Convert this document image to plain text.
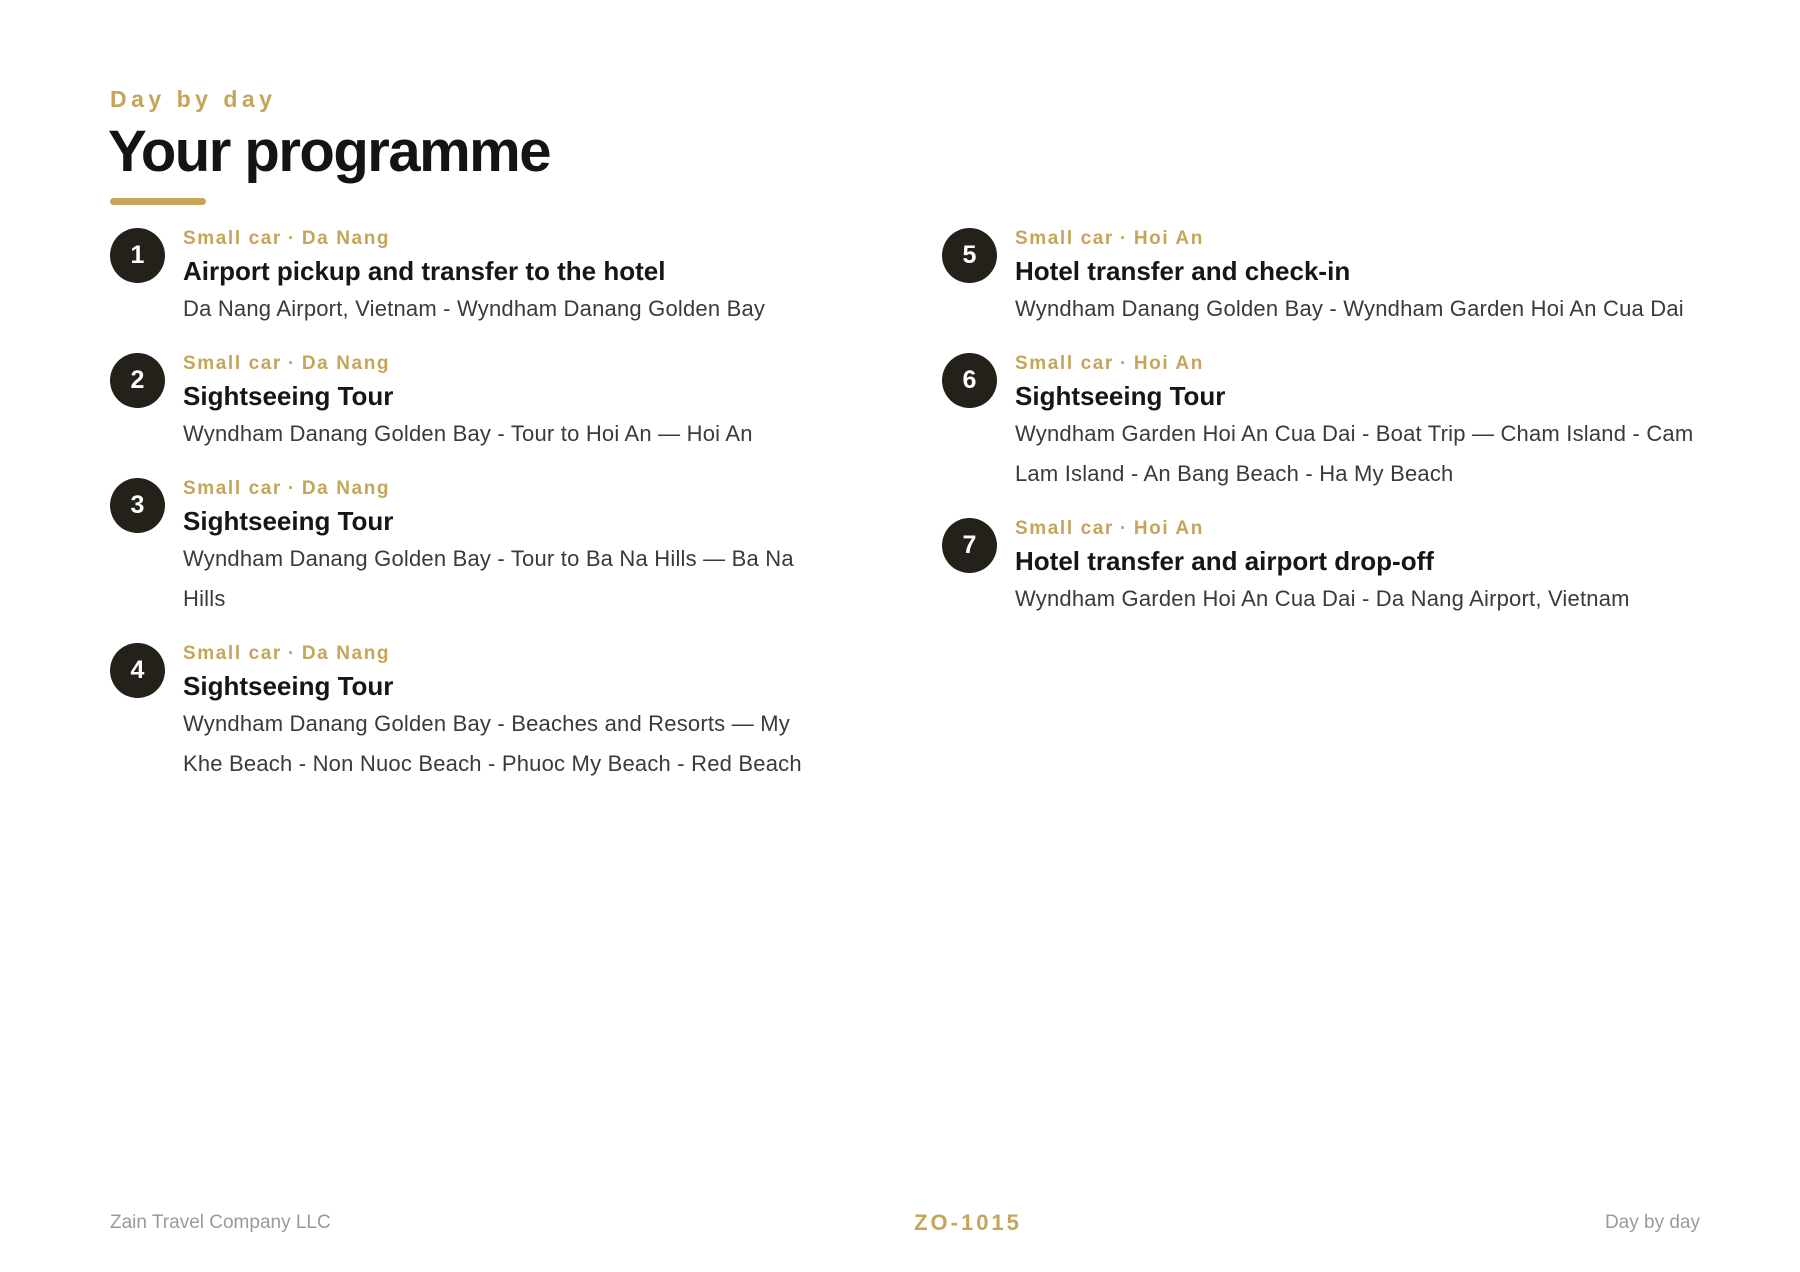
Day by day
Your programme
1
Small car · Da Nang
Airport pickup and transfer to the hotel
Da Nang Airport, Vietnam - Wyndham Danang Golden Bay
2
Small car · Da Nang
Sightseeing Tour
Wyndham Danang Golden Bay - Tour to Hoi An — Hoi An
3
Small car · Da Nang
Sightseeing Tour
Wyndham Danang Golden Bay - Tour to Ba Na Hills — Ba Na Hills
4
Small car · Da Nang
Sightseeing Tour
Wyndham Danang Golden Bay - Beaches and Resorts — My Khe Beach - Non Nuoc Beach - Phuoc My Beach - Red Beach
5
Small car · Hoi An
Hotel transfer and check-in
Wyndham Danang Golden Bay - Wyndham Garden Hoi An Cua Dai
6
Small car · Hoi An
Sightseeing Tour
Wyndham Garden Hoi An Cua Dai - Boat Trip — Cham Island - Cam Lam Island - An Bang Beach - Ha My Beach
7
Small car · Hoi An
Hotel transfer and airport drop-off
Wyndham Garden Hoi An Cua Dai - Da Nang Airport, Vietnam
Zain Travel Company LLC	ZO-1015	Day by day
